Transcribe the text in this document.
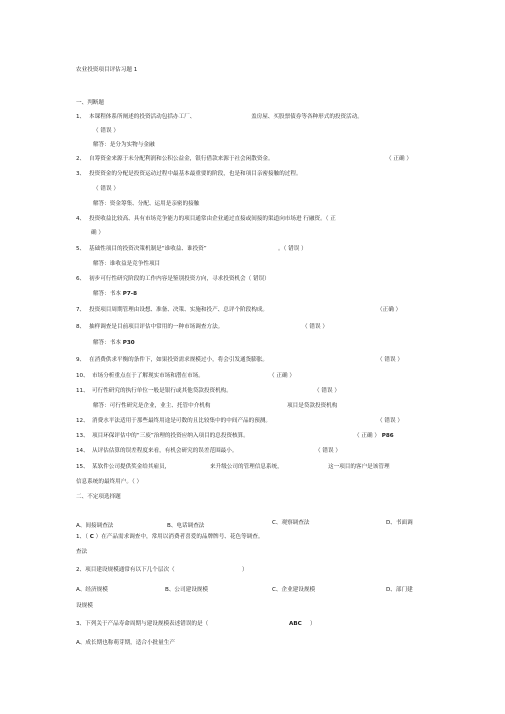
农业投资项目评估习题 1
一、判断题
1、 本课程体系所阐述的投资活动包括办工厂、	盖房屋、买股票债券等各种形式的投资活动。
（ 错误 ）
解答：是分为实物与金融
2、 自筹资金来源于未分配利润和公积公益金，银行借款来源于社会闲散资金。	（ 正确 ）
3、 投资资金的分配是投资运动过程中最基本最重要的阶段，也是和项目亲密接触的过程。
（ 错误 ）
解答：资金筹集、分配、运用是亲密的接触
4、 投资收益比较高、具有市场竞争能力的项目通常由企业通过直接或间接的渠道向市场进 行融资。（ 正
确 ）
5、 基础性项目的投资决策机制是“谁收益、谁投资”	。（ 错误 ）
解答：谁收益是竞争性项目
6、 初步可行性研究阶段的工作内容是鉴别投资方向，寻求投资机会（ 错误）
解答：书本 P7-8
7、 投资项目周期管理由设想、准备、决策、实施和投产、总评个阶段构成。	（正确 ）
8、 抽样调查是目前项目评估中常用的一种市场调查方法。	（ 错误 ）
解答：书本 P30
9、 在消费供求平衡的条件下，如果投资需求规模过小，将会引发通货膨胀。	（ 错误 ）
10、 市场分析重点在于了解现实市场和潜在市场。	（ 正确 ）
11、 可行性研究的执行单位一般是银行或其他贷款投资机构。	（ 错误 ）
解答：可行性研究是企业，业主、托管中介机构	项目是贷款投资机构
12、 消费水平法适用于那些最终用途是可数的且比较集中的中间产品的预测。	（ 错误 ）
13、 项目环保评估中的“三废”治理的投资应纳入项目的总投资核算。	（ 正确 ） P86
14、 从评估估算的误差程度来看，有机会研究的误差范围最小。	（ 错误 ）
15、 某软件公司提供奖金给其雇员，	来升级公司的管理信息系统，	这一项目的客户是该管理
信息系统的最终用户。（ ）
二、不定项选择题
A、间接调查法	B、电话调查法	C、观察调查法	D、书面调
1、（ C ）在产品需求调查中，常用以消费者喜爱的品牌牌号、花色等调查。
查法
2、项目建设规模通常有以下几个层次（	）
A、经济规模	B、公司建设规模	C、企业建设规模	D、部门建
设规模
3、下列关于产品寿命周期与建设规模表述错误的是（	ABC ）
A、成长期也称萌芽期，适合小批量生产
